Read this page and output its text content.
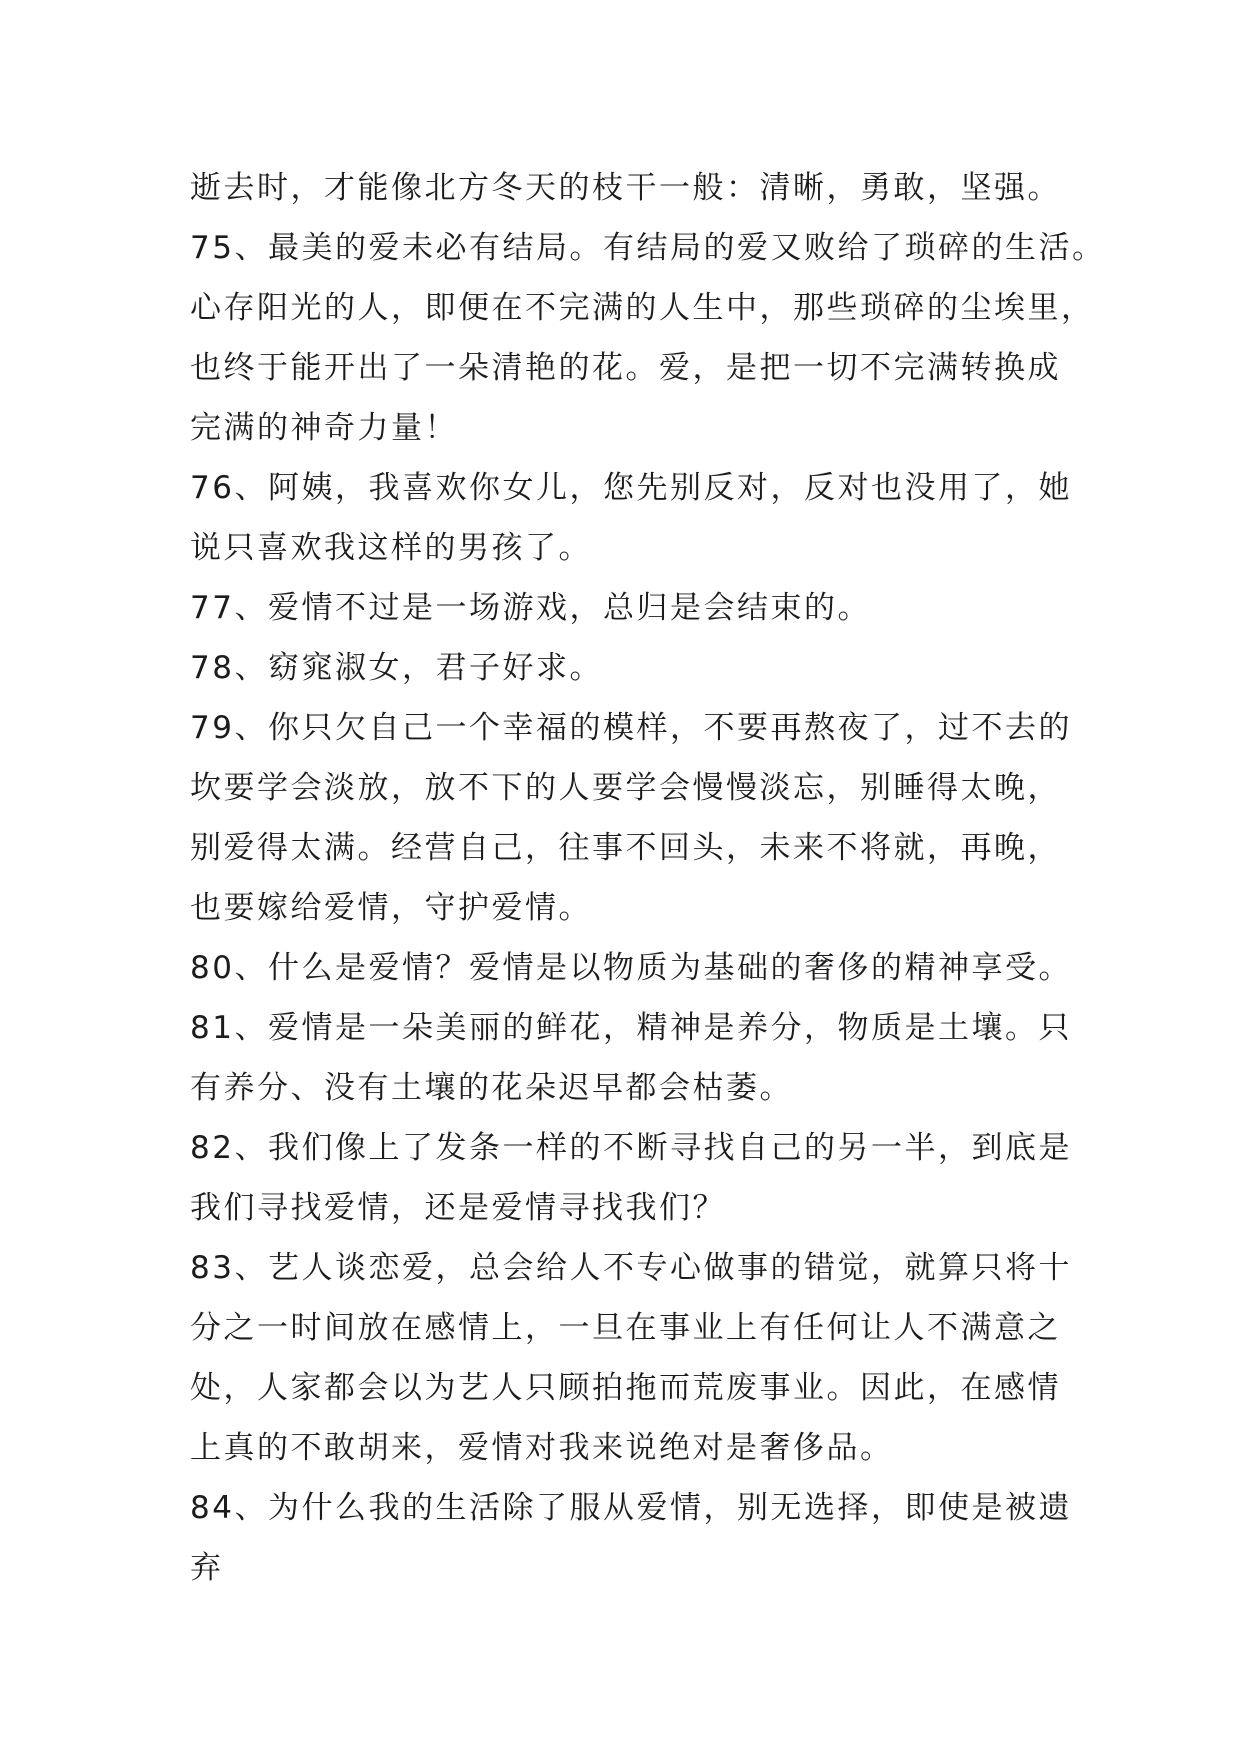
逝去时，才能像北方冬天的枝干一般：清晰，勇敢，坚强。
75、最美的爱未必有结局。有结局的爱又败给了琐碎的生活。
心存阳光的人，即便在不完满的人生中，那些琐碎的尘埃里，
也终于能开出了一朵清艳的花。爱，是把一切不完满转换成
完满的神奇力量！
76、阿姨，我喜欢你女儿，您先别反对，反对也没用了，她
说只喜欢我这样的男孩了。
77、爱情不过是一场游戏，总归是会结束的。
78、窈窕淑女，君子好求。
79、你只欠自己一个幸福的模样，不要再熬夜了，过不去的
坎要学会淡放，放不下的人要学会慢慢淡忘，别睡得太晚，
别爱得太满。经营自己，往事不回头，未来不将就，再晚，
也要嫁给爱情，守护爱情。
80、什么是爱情？爱情是以物质为基础的奢侈的精神享受。
81、爱情是一朵美丽的鲜花，精神是养分，物质是土壤。只
有养分、没有土壤的花朵迟早都会枯萎。
82、我们像上了发条一样的不断寻找自己的另一半，到底是
我们寻找爱情，还是爱情寻找我们？
83、艺人谈恋爱，总会给人不专心做事的错觉，就算只将十
分之一时间放在感情上，一旦在事业上有任何让人不满意之
处，人家都会以为艺人只顾拍拖而荒废事业。因此，在感情
上真的不敢胡来，爱情对我来说绝对是奢侈品。
84、为什么我的生活除了服从爱情，别无选择，即使是被遗
弃
